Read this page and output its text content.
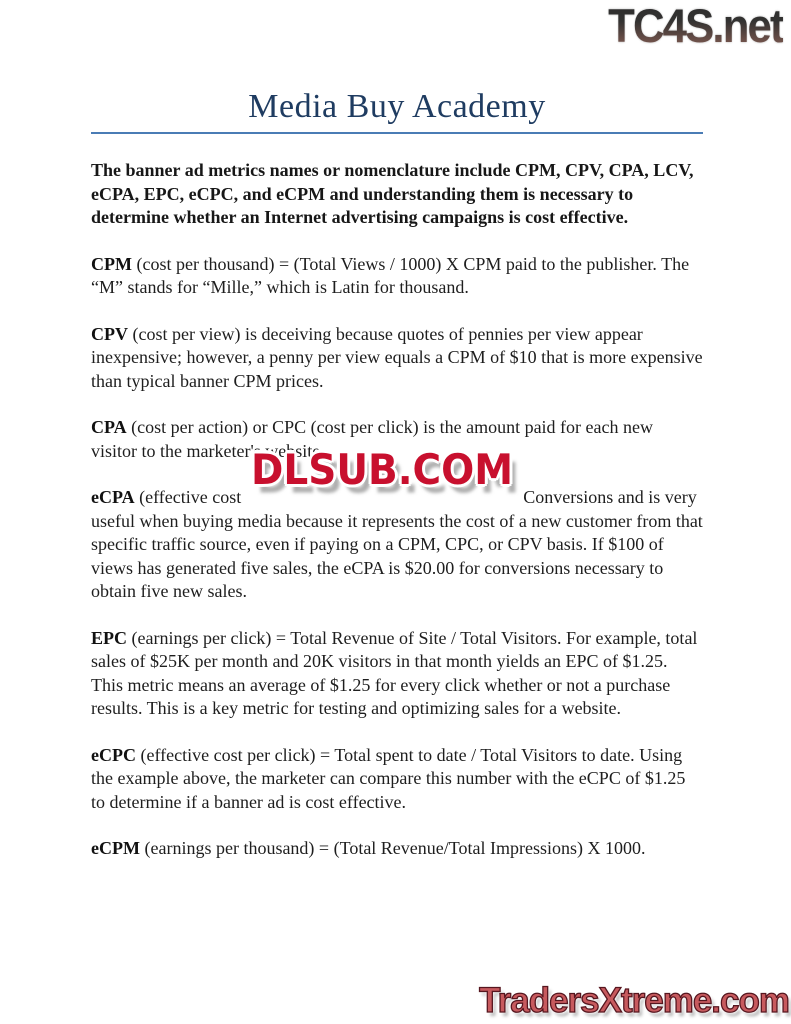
TC4S.net
Media Buy Academy

The banner ad metrics names or nomenclature include CPM, CPV, CPA, LCV, eCPA, EPC, eCPC, and eCPM and understanding them is necessary to determine whether an Internet advertising campaigns is cost effective.

CPM (cost per thousand) = (Total Views / 1000) X CPM paid to the publisher. The “M” stands for “Mille,” which is Latin for thousand.

CPV (cost per view) is deceiving because quotes of pennies per view appear inexpensive; however, a penny per view equals a CPM of $10 that is more expensive than typical banner CPM prices.

CPA (cost per action) or CPC (cost per click) is the amount paid for each new visitor to the marketer's website.

eCPA (effective cost	Conversions and is very useful when buying media because it represents the cost of a new customer from that specific traffic source, even if paying on a CPM, CPC, or CPV basis. If $100 of views has generated five sales, the eCPA is $20.00 for conversions necessary to obtain five new sales.
DLSUB.COM

EPC (earnings per click) = Total Revenue of Site / Total Visitors. For example, total sales of $25K per month and 20K visitors in that month yields an EPC of $1.25. This metric means an average of $1.25 for every click whether or not a purchase results. This is a key metric for testing and optimizing sales for a website.

eCPC (effective cost per click) = Total spent to date / Total Visitors to date. Using the example above, the marketer can compare this number with the eCPC of $1.25 to determine if a banner ad is cost effective.

eCPM (earnings per thousand) = (Total Revenue/Total Impressions) X 1000.

TradersXtreme.com
